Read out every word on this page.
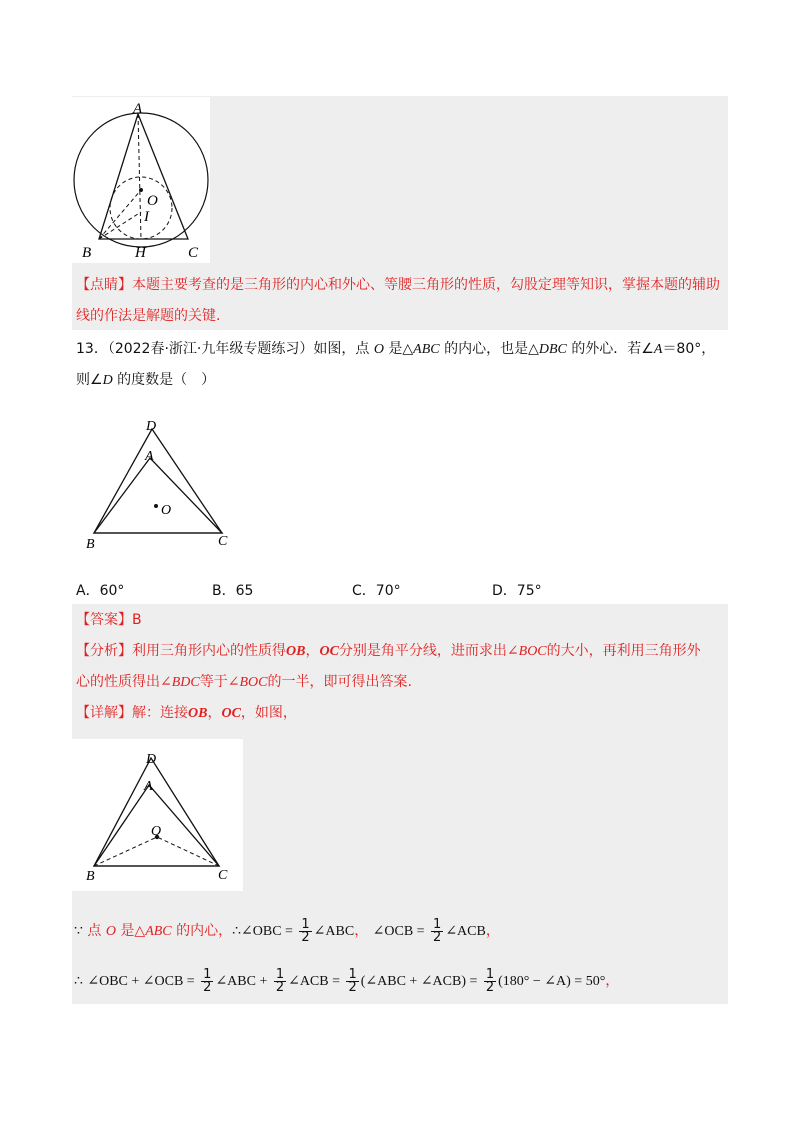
A
O
I
B	H	C
【点睛】本题主要考查的是三角形的内心和外心、等腰三角形的性质，勾股定理等知识，掌握本题的辅助
线的作法是解题的关键.
13．（2022春·浙江·九年级专题练习）如图，点 O 是△ABC 的内心，也是△DBC 的外心．若∠A＝80°，
则∠D 的度数是（　）
D
A
O
B	C
A．60°	B．65	C．70°	D．75°
【答案】B
【分析】利用三角形内心的性质得OB，OC分别是角平分线，进而求出∠BOC的大小，再利用三角形外
心的性质得出∠BDC等于∠BOC的一半，即可得出答案.
【详解】解：连接OB，OC，如图，
D
A
O
B	C
∵ 点 O 是△ABC 的内心，∴∠OBC = $\frac{1}{2}$ ∠ABC， ∠OCB = $\frac{1}{2}$ ∠ACB，
∴ ∠OBC + ∠OCB = $\frac{1}{2}$ ∠ABC + $\frac{1}{2}$ ∠ACB = $\frac{1}{2}$ (∠ABC + ∠ACB) = $\frac{1}{2} (180^\circ$ − ∠A) = 50°，
